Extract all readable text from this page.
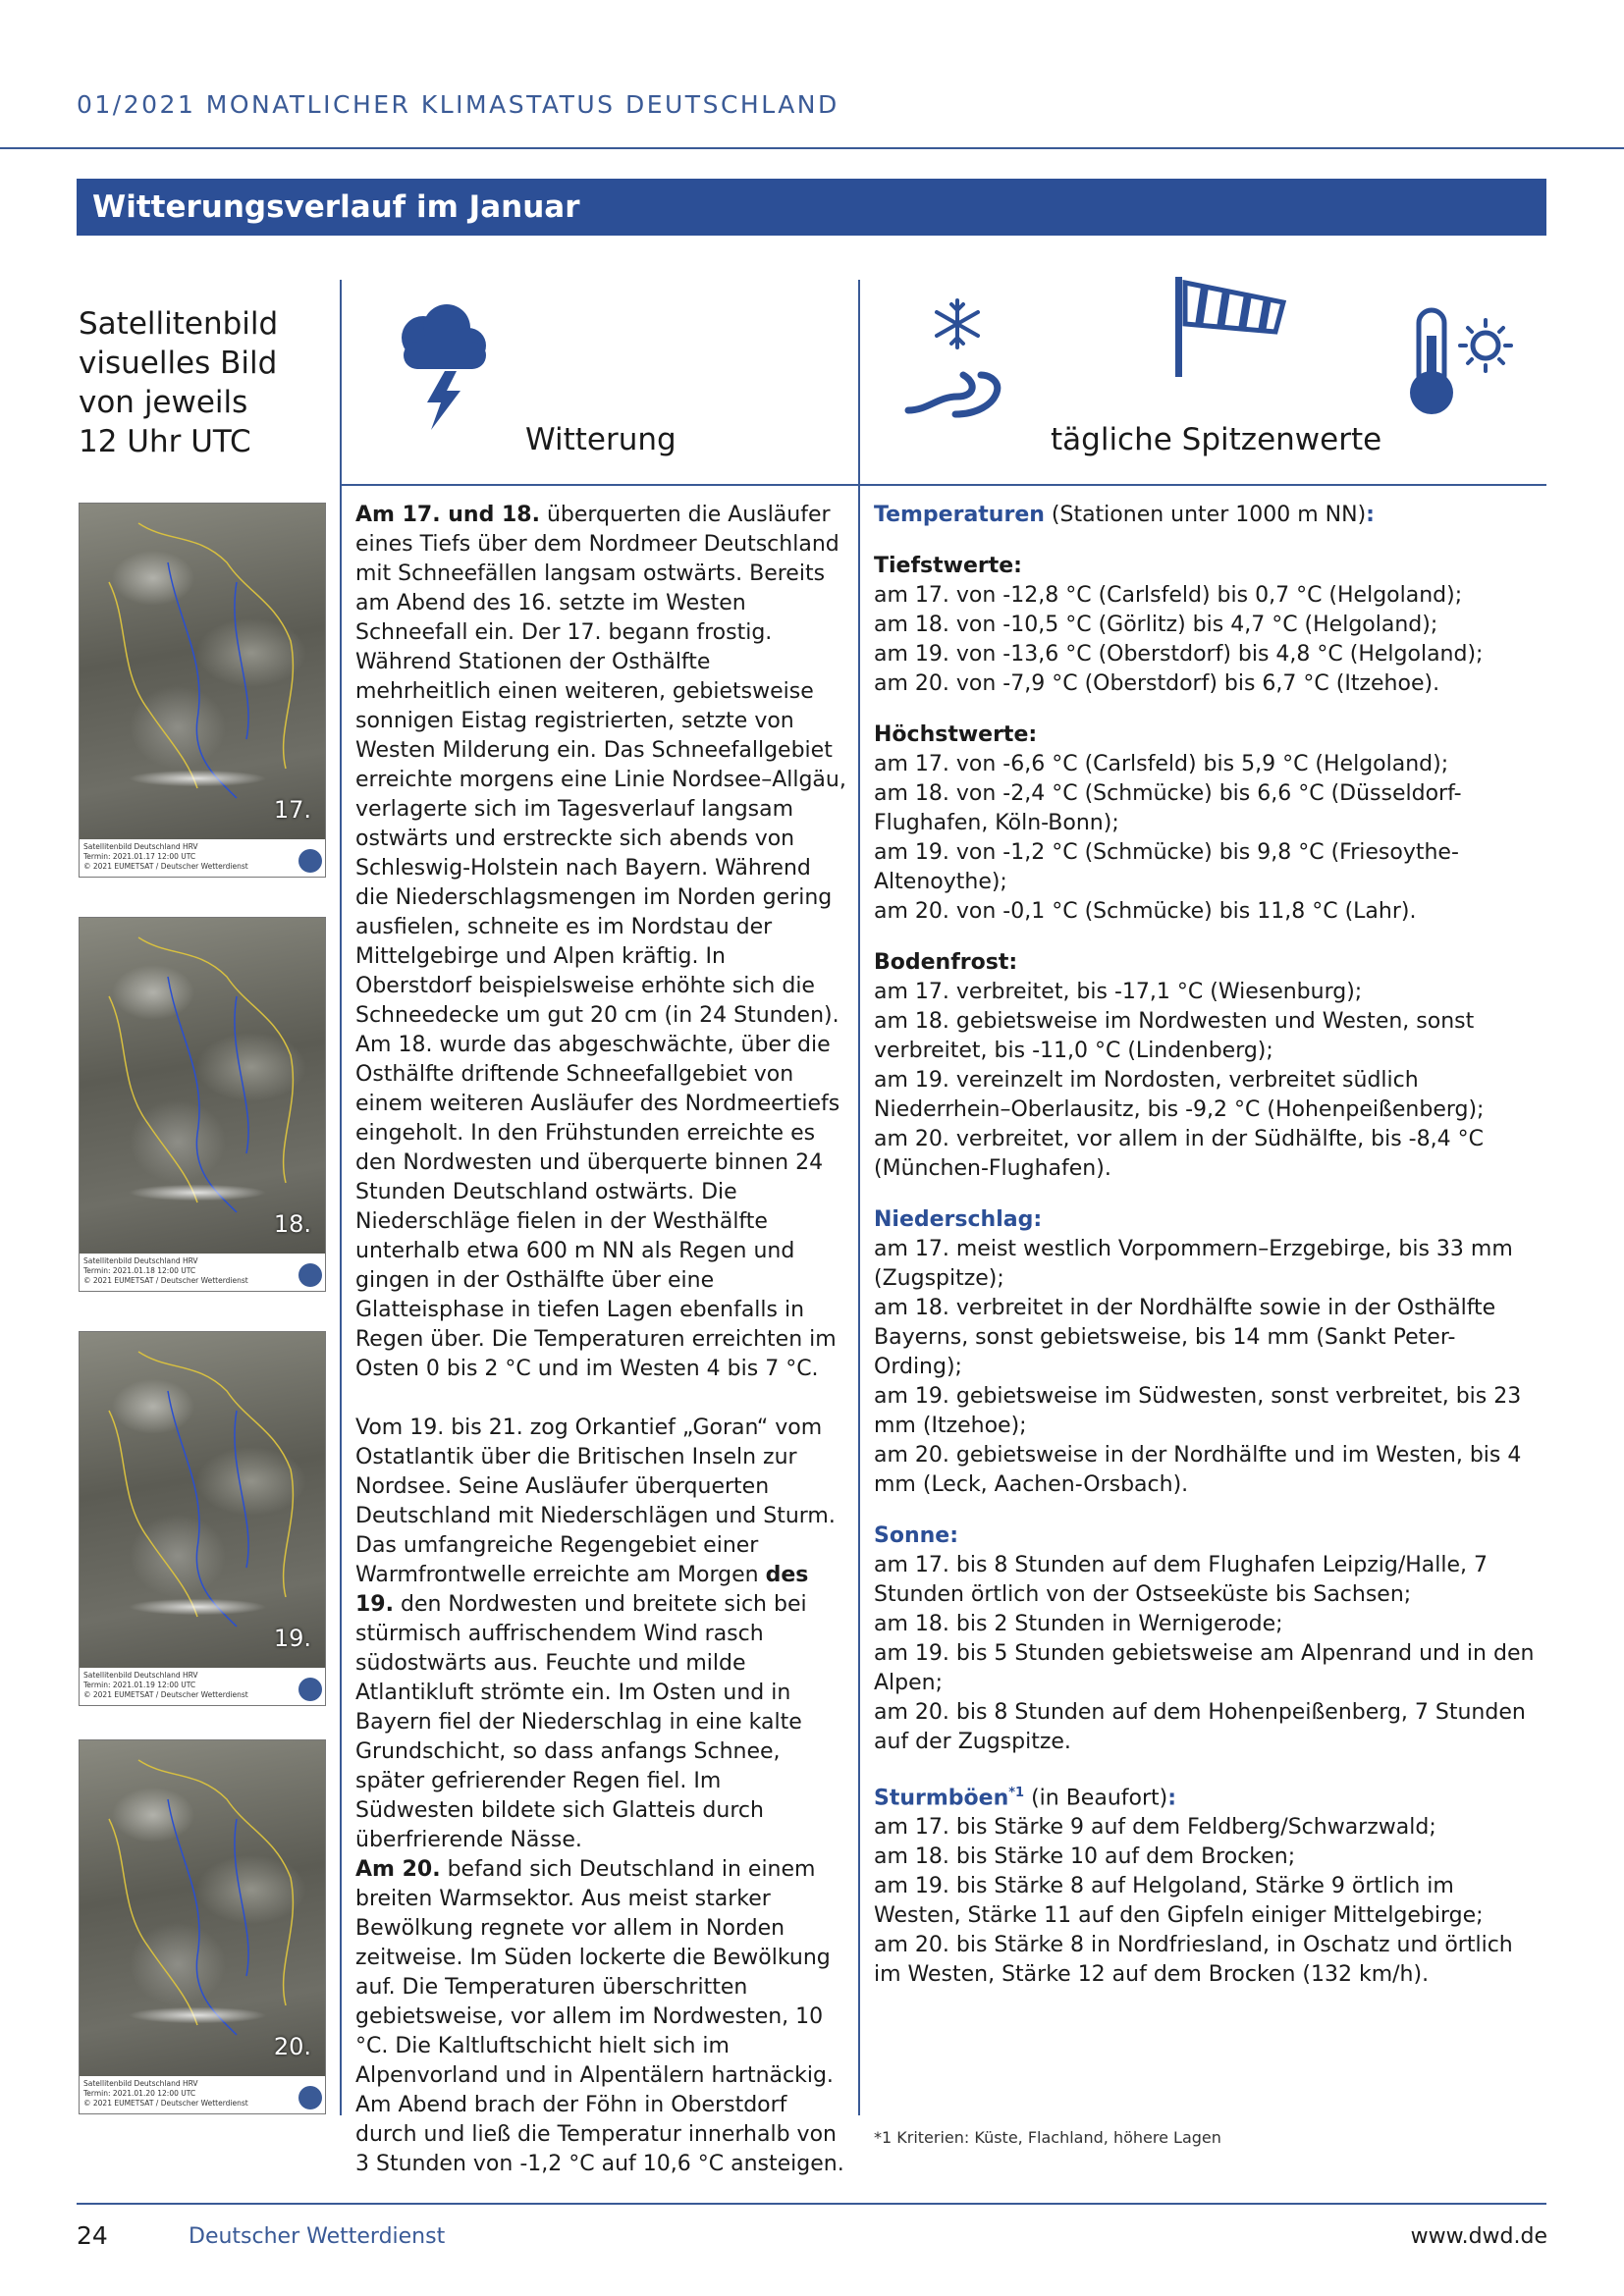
01/2021 MONATLICHER KLIMASTATUS DEUTSCHLAND
Witterungsverlauf im Januar
Satellitenbild
visuelles Bild
von jeweils
12 Uhr UTC	Witterung	tägliche Spitzenwerte
17.
Satellitenbild Deutschland HRV
Termin: 2021.01.17 12:00 UTC
© 2021 EUMETSAT / Deutscher Wetterdienst
18.
Satellitenbild Deutschland HRV
Termin: 2021.01.18 12:00 UTC
© 2021 EUMETSAT / Deutscher Wetterdienst
19.
Satellitenbild Deutschland HRV
Termin: 2021.01.19 12:00 UTC
© 2021 EUMETSAT / Deutscher Wetterdienst
20.
Satellitenbild Deutschland HRV
Termin: 2021.01.20 12:00 UTC
© 2021 EUMETSAT / Deutscher Wetterdienst

Am 17. und 18. überquerten die Ausläufer eines Tiefs über dem Nordmeer Deutschland mit Schneefällen langsam ostwärts. Bereits am Abend des 16. setzte im Westen Schneefall ein. Der 17. begann frostig. Während Stationen der Osthälfte mehrheitlich einen weiteren, gebietsweise sonnigen Eistag registrierten, setzte von Westen Milderung ein. Das Schneefallgebiet erreichte morgens eine Linie Nordsee–Allgäu, verlagerte sich im Tagesverlauf langsam ostwärts und erstreckte sich abends von Schleswig-Holstein nach Bayern. Während die Niederschlagsmengen im Norden gering ausfielen, schneite es im Nordstau der Mittelgebirge und Alpen kräftig. In Oberstdorf beispielsweise erhöhte sich die Schneedecke um gut 20 cm (in 24 Stunden). Am 18. wurde das abgeschwächte, über die Osthälfte driftende Schneefallgebiet von einem weiteren Ausläufer des Nordmeertiefs eingeholt. In den Frühstunden erreichte es den Nordwesten und überquerte binnen 24 Stunden Deutschland ostwärts. Die Niederschläge fielen in der Westhälfte unterhalb etwa 600 m NN als Regen und gingen in der Osthälfte über eine Glatteisphase in tiefen Lagen ebenfalls in Regen über. Die Temperaturen erreichten im Osten 0 bis 2 °C und im Westen 4 bis 7 °C.

Vom 19. bis 21. zog Orkantief „Goran“ vom Ostatlantik über die Britischen Inseln zur Nordsee. Seine Ausläufer überquerten Deutschland mit Niederschlägen und Sturm. Das umfangreiche Regengebiet einer Warmfrontwelle erreichte am Morgen des 19. den Nordwesten und breitete sich bei stürmisch auffrischendem Wind rasch südostwärts aus. Feuchte und milde Atlantikluft strömte ein. Im Osten und in Bayern fiel der Niederschlag in eine kalte Grundschicht, so dass anfangs Schnee, später gefrierender Regen fiel. Im Südwesten bildete sich Glatteis durch überfrierende Nässe.

Am 20. befand sich Deutschland in einem breiten Warmsektor. Aus meist starker Bewölkung regnete vor allem in Norden zeitweise. Im Süden lockerte die Bewölkung auf. Die Temperaturen überschritten gebietsweise, vor allem im Nordwesten, 10 °C. Die Kaltluftschicht hielt sich im Alpenvorland und in Alpentälern hartnäckig. Am Abend brach der Föhn in Oberstdorf durch und ließ die Temperatur innerhalb von 3 Stunden von -1,2 °C auf 10,6 °C ansteigen.

Temperaturen (Stationen unter 1000 m NN):
Tiefstwerte:
am 17. von -12,8 °C (Carlsfeld) bis 0,7 °C (Helgoland);
am 18. von -10,5 °C (Görlitz) bis 4,7 °C (Helgoland);
am 19. von -13,6 °C (Oberstdorf) bis 4,8 °C (Helgoland);
am 20. von -7,9 °C (Oberstdorf) bis 6,7 °C (Itzehoe).
Höchstwerte:
am 17. von -6,6 °C (Carlsfeld) bis 5,9 °C (Helgoland);
am 18. von -2,4 °C (Schmücke) bis 6,6 °C (Düsseldorf-Flughafen, Köln-Bonn);
am 19. von -1,2 °C (Schmücke) bis 9,8 °C (Friesoythe-Altenoythe);
am 20. von -0,1 °C (Schmücke) bis 11,8 °C (Lahr).
Bodenfrost:
am 17. verbreitet, bis -17,1 °C (Wiesenburg);
am 18. gebietsweise im Nordwesten und Westen, sonst verbreitet, bis -11,0 °C (Lindenberg);
am 19. vereinzelt im Nordosten, verbreitet südlich Niederrhein–Oberlausitz, bis -9,2 °C (Hohenpeißenberg);
am 20. verbreitet, vor allem in der Südhälfte, bis -8,4 °C (München-Flughafen).
Niederschlag:
am 17. meist westlich Vorpommern–Erzgebirge, bis 33 mm (Zugspitze);
am 18. verbreitet in der Nordhälfte sowie in der Osthälfte Bayerns, sonst gebietsweise, bis 14 mm (Sankt Peter-Ording);
am 19. gebietsweise im Südwesten, sonst verbreitet, bis 23 mm (Itzehoe);
am 20. gebietsweise in der Nordhälfte und im Westen, bis 4 mm (Leck, Aachen-Orsbach).
Sonne:
am 17. bis 8 Stunden auf dem Flughafen Leipzig/Halle, 7 Stunden örtlich von der Ostseeküste bis Sachsen;
am 18. bis 2 Stunden in Wernigerode;
am 19. bis 5 Stunden gebietsweise am Alpenrand und in den Alpen;
am 20. bis 8 Stunden auf dem Hohenpeißenberg, 7 Stunden auf der Zugspitze.
Sturmböen$^{*1}$ (in Beaufort):
am 17. bis Stärke 9 auf dem Feldberg/Schwarzwald;
am 18. bis Stärke 10 auf dem Brocken;
am 19. bis Stärke 8 auf Helgoland, Stärke 9 örtlich im Westen, Stärke 11 auf den Gipfeln einiger Mittelgebirge;
am 20. bis Stärke 8 in Nordfriesland, in Oschatz und örtlich im Westen, Stärke 12 auf dem Brocken (132 km/h).
*1 Kriterien: Küste, Flachland, höhere Lagen
24	Deutscher Wetterdienst	www.dwd.de
